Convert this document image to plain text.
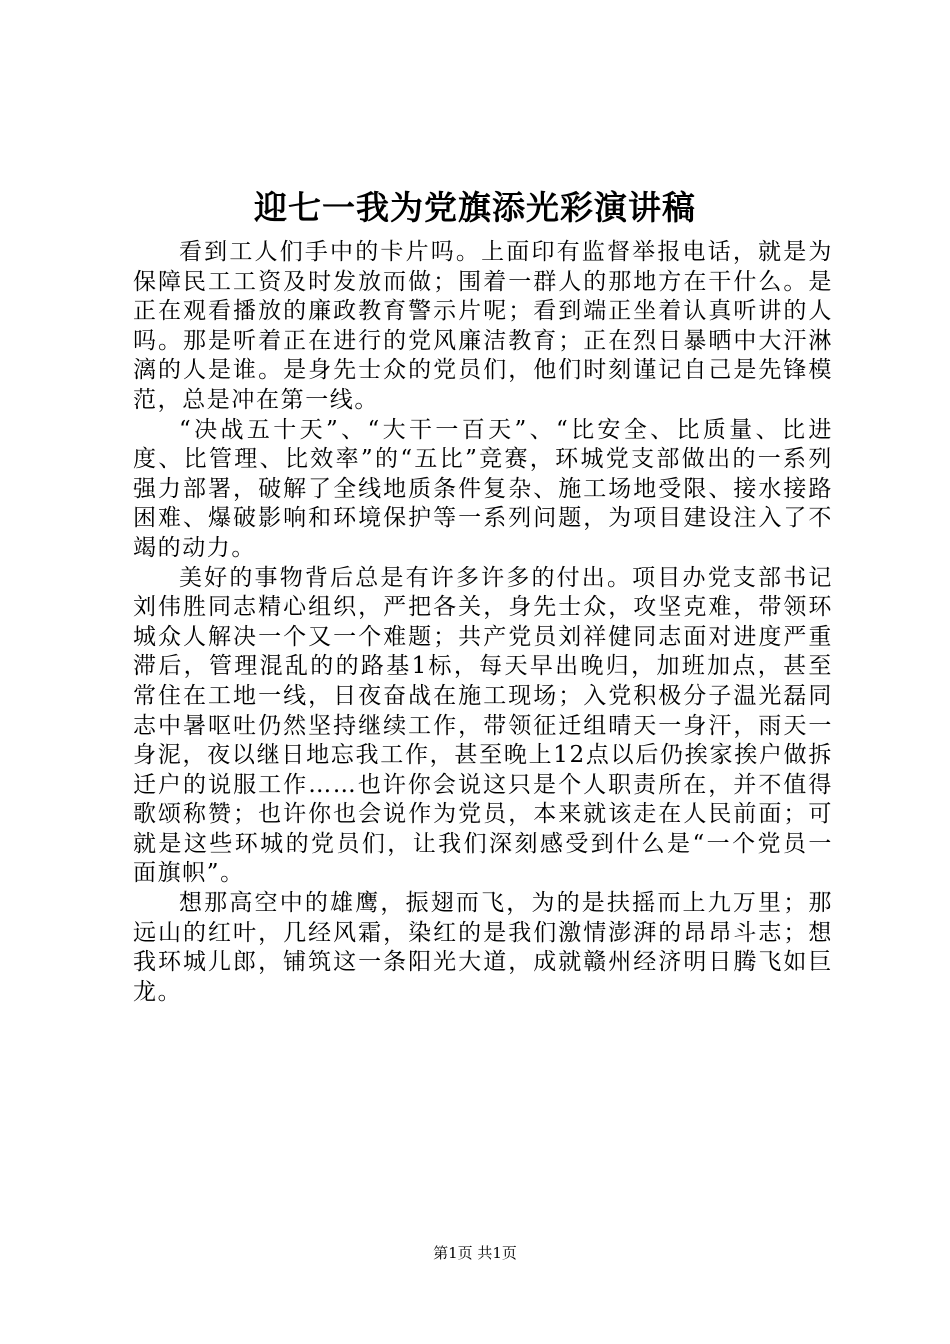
迎七一我为党旗添光彩演讲稿

看到工人们手中的卡片吗。上面印有监督举报电话，就是为保障民工工资及时发放而做；围着一群人的那地方在干什么。是正在观看播放的廉政教育警示片呢；看到端正坐着认真听讲的人吗。那是听着正在进行的党风廉洁教育；正在烈日暴晒中大汗淋漓的人是谁。是身先士众的党员们，他们时刻谨记自己是先锋模范，总是冲在第一线。

“决战五十天”、“大干一百天”、“比安全、比质量、比进度、比管理、比效率”的“五比”竞赛，环城党支部做出的一系列强力部署，破解了全线地质条件复杂、施工场地受限、接水接路困难、爆破影响和环境保护等一系列问题，为项目建设注入了不竭的动力。

美好的事物背后总是有许多许多的付出。项目办党支部书记刘伟胜同志精心组织，严把各关，身先士众，攻坚克难，带领环城众人解决一个又一个难题；共产党员刘祥健同志面对进度严重滞后，管理混乱的的路基1标，每天早出晚归，加班加点，甚至常住在工地一线，日夜奋战在施工现场；入党积极分子温光磊同志中暑呕吐仍然坚持继续工作，带领征迁组晴天一身汗，雨天一身泥，夜以继日地忘我工作，甚至晚上12点以后仍挨家挨户做拆迁户的说服工作……也许你会说这只是个人职责所在，并不值得歌颂称赞；也许你也会说作为党员，本来就该走在人民前面；可就是这些环城的党员们，让我们深刻感受到什么是“一个党员一面旗帜”。

想那高空中的雄鹰，振翅而飞，为的是扶摇而上九万里；那远山的红叶，几经风霜，染红的是我们激情澎湃的昂昂斗志；想我环城儿郎，铺筑这一条阳光大道，成就赣州经济明日腾飞如巨龙。

第1页 共1页
